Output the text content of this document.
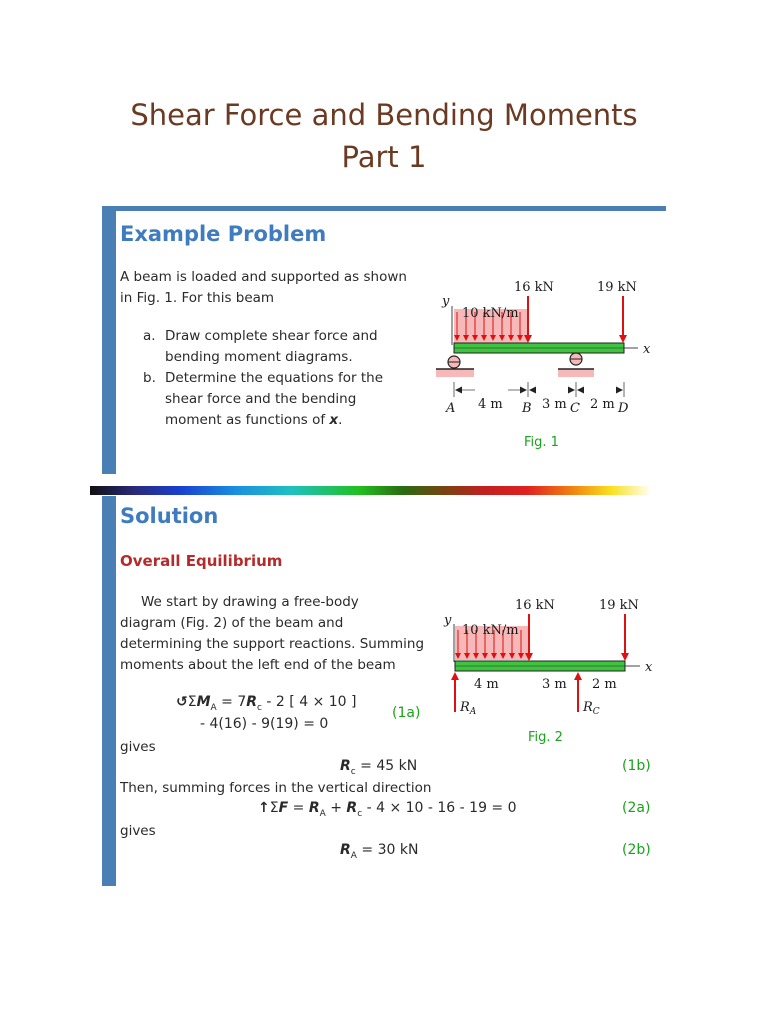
Shear Force and Bending Moments
Part 1
Example Problem
A beam is loaded and supported as shown
in Fig. 1. For this beam
a. Draw complete shear force and
bending moment diagrams.
b. Determine the equations for the
shear force and the bending
moment as functions of x.
y
10 kN/m
16 kN	19 kN
x
4 m	3 m 2 m
A	B	C	D
Fig. 1
Solution
Overall Equilibrium
We start by drawing a free-body
diagram (Fig. 2) of the beam and
determining the support reactions. Summing
moments about the left end of the beam
y
10 kN/m
16 kN	19 kN
x
4 m	3 m 2 m
$R_A$	$R_C$
Fig. 2
$↺\Sigma M_A = 7R_c - 2$ [ 4 × 10 ]
- 4(16) - 9(19) = 0
(1a)
gives
$R_c = 45$ kN	(1b)
Then, summing forces in the vertical direction
↑ΣF = $R_A + R_c - 4 \times 10 - 16 - 19 = 0$	(2a)
gives
$R_A = 30$ kN	(2b)
